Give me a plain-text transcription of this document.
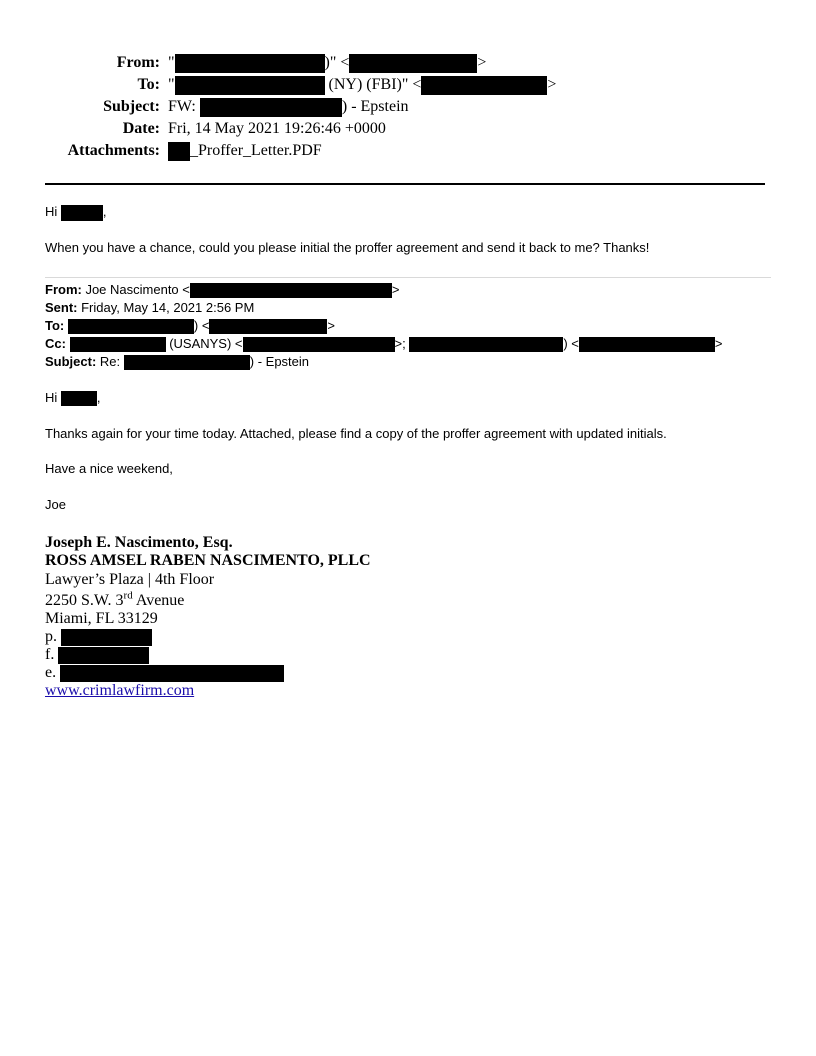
From: "	)" <	>
To: "	(NY) (FBI)" <	>
Subject: FW:	) - Epstein
Date: Fri, 14 May 2021 19:26:46 +0000
Attachments: _Proffer_Letter.PDF
Hi	,
When you have a chance, could you please initial the proffer agreement and send it back to me? Thanks!
From: Joe Nascimento <	>
Sent: Friday, May 14, 2021 2:56 PM
To:	) <	>
Cc:	(USANYS) <	>;	) <	>
Subject: Re:	) - Epstein
Hi	,
Thanks again for your time today. Attached, please find a copy of the proffer agreement with updated initials.
Have a nice weekend,
Joe
Joseph E. Nascimento, Esq.
ROSS AMSEL RABEN NASCIMENTO, PLLC
Lawyer’s Plaza | 4th Floor
2250 S.W. 3rd Avenue
Miami, FL 33129
p.
f.
e.
www.crimlawfirm.com
